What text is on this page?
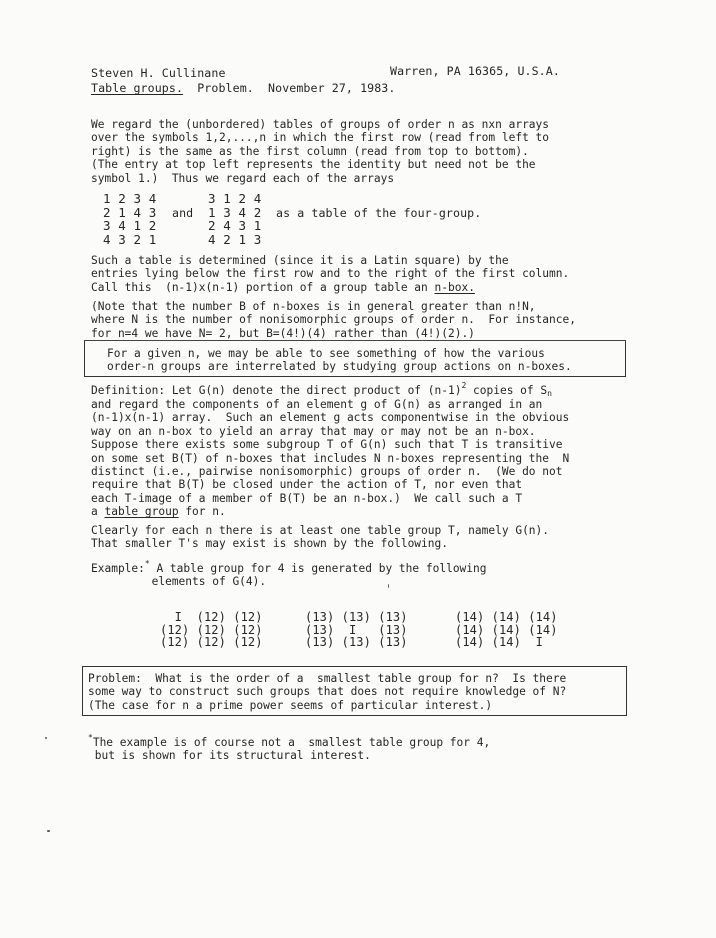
Steven H. Cullinane	Warren, PA 16365, U.S.A.
Table groups. Problem. November 27, 1983.
We regard the (unbordered) tables of groups of order n as nxn arrays
over the symbols 1,2,...,n in which the first row (read from left to
right) is the same as the first column (read from top to bottom).
(The entry at top left represents the identity but need not be the
symbol 1.)  Thus we regard each of the arrays
1 2 3 4
2 1 4 3
3 4 1 2
4 3 2 1
and
3 1 2 4
1 3 4 2
2 4 3 1
4 2 1 3
as a table of the four-group.
Such a table is determined (since it is a Latin square) by the
entries lying below the first row and to the right of the first column.
Call this  (n-1)x(n-1) portion of a group table an n-box.
(Note that the number B of n-boxes is in general greater than n!N,
where N is the number of nonisomorphic groups of order n.  For instance,
for n=4 we have N= 2, but B=(4!)(4) rather than (4!)(2).)
For a given n, we may be able to see something of how the various
order-n groups are interrelated by studying group actions on n-boxes.
Definition: Let G(n) denote the direct product of $(n-1)^2$ copies of $S_n$
and regard the components of an element g of G(n) as arranged in an
(n-1)x(n-1) array.  Such an element g acts componentwise in the obvious
way on an n-box to yield an array that may or may not be an n-box.
Suppose there exists some subgroup T of G(n) such that T is transitive
on some set B(T) of n-boxes that includes N n-boxes representing the  N
distinct (i.e., pairwise nonisomorphic) groups of order n.  (We do not
require that B(T) be closed under the action of T, nor even that
each T-image of a member of B(T) be an n-box.)  We call such a T
a table group for n.
Clearly for each n there is at least one table group T, namely G(n).
That smaller T's may exist is shown by the following.
Example:* A table group for 4 is generated by the following
elements of G(4).
I  (12) (12)
(12) (12) (12)
(12) (12) (12)
(13) (13) (13)
(13)  I   (13)
(13) (13) (13)
(14) (14) (14)
(14) (14) (14)
(14) (14)  I
Problem:  What is the order of a  smallest table group for n?  Is there
some way to construct such groups that does not require knowledge of N?
(The case for n a prime power seems of particular interest.)
*The example is of course not a  smallest table group for 4,
but is shown for its structural interest.
